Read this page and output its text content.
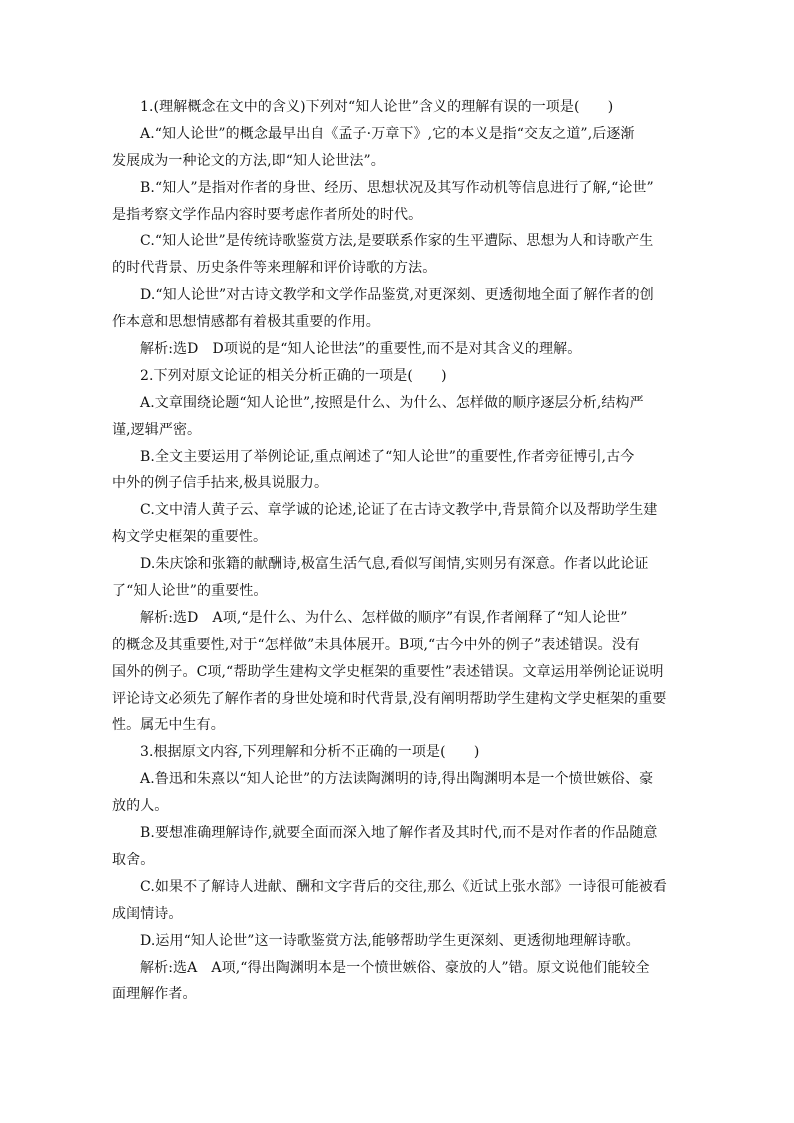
1.(理解概念在文中的含义)下列对“知人论世”含义的理解有误的一项是(　　)
A.“知人论世”的概念最早出自《孟子·万章下》,它的本义是指“交友之道”,后逐渐
发展成为一种论文的方法,即“知人论世法”。
B.“知人”是指对作者的身世、经历、思想状况及其写作动机等信息进行了解,“论世”
是指考察文学作品内容时要考虑作者所处的时代。
C.“知人论世”是传统诗歌鉴赏方法,是要联系作家的生平遭际、思想为人和诗歌产生
的时代背景、历史条件等来理解和评价诗歌的方法。
D.“知人论世”对古诗文教学和文学作品鉴赏,对更深刻、更透彻地全面了解作者的创
作本意和思想情感都有着极其重要的作用。
解析:选D　D项说的是“知人论世法”的重要性,而不是对其含义的理解。
2.下列对原文论证的相关分析正确的一项是(　　)
A.文章围绕论题“知人论世”,按照是什么、为什么、怎样做的顺序逐层分析,结构严
谨,逻辑严密。
B.全文主要运用了举例论证,重点阐述了“知人论世”的重要性,作者旁征博引,古今
中外的例子信手拈来,极具说服力。
C.文中清人黄子云、章学诚的论述,论证了在古诗文教学中,背景简介以及帮助学生建
构文学史框架的重要性。
D.朱庆馀和张籍的献酬诗,极富生活气息,看似写闺情,实则另有深意。作者以此论证
了“知人论世”的重要性。
解析:选D　A项,“是什么、为什么、怎样做的顺序”有误,作者阐释了“知人论世”
的概念及其重要性,对于“怎样做”未具体展开。B项,“古今中外的例子”表述错误。没有
国外的例子。C项,“帮助学生建构文学史框架的重要性”表述错误。文章运用举例论证说明
评论诗文必须先了解作者的身世处境和时代背景,没有阐明帮助学生建构文学史框架的重要
性。属无中生有。
3.根据原文内容,下列理解和分析不正确的一项是(　　)
A.鲁迅和朱熹以“知人论世”的方法读陶渊明的诗,得出陶渊明本是一个愤世嫉俗、豪
放的人。
B.要想准确理解诗作,就要全面而深入地了解作者及其时代,而不是对作者的作品随意
取舍。
C.如果不了解诗人进献、酬和文字背后的交往,那么《近试上张水部》一诗很可能被看
成闺情诗。
D.运用“知人论世”这一诗歌鉴赏方法,能够帮助学生更深刻、更透彻地理解诗歌。
解析:选A　A项,“得出陶渊明本是一个愤世嫉俗、豪放的人”错。原文说他们能较全
面理解作者。
